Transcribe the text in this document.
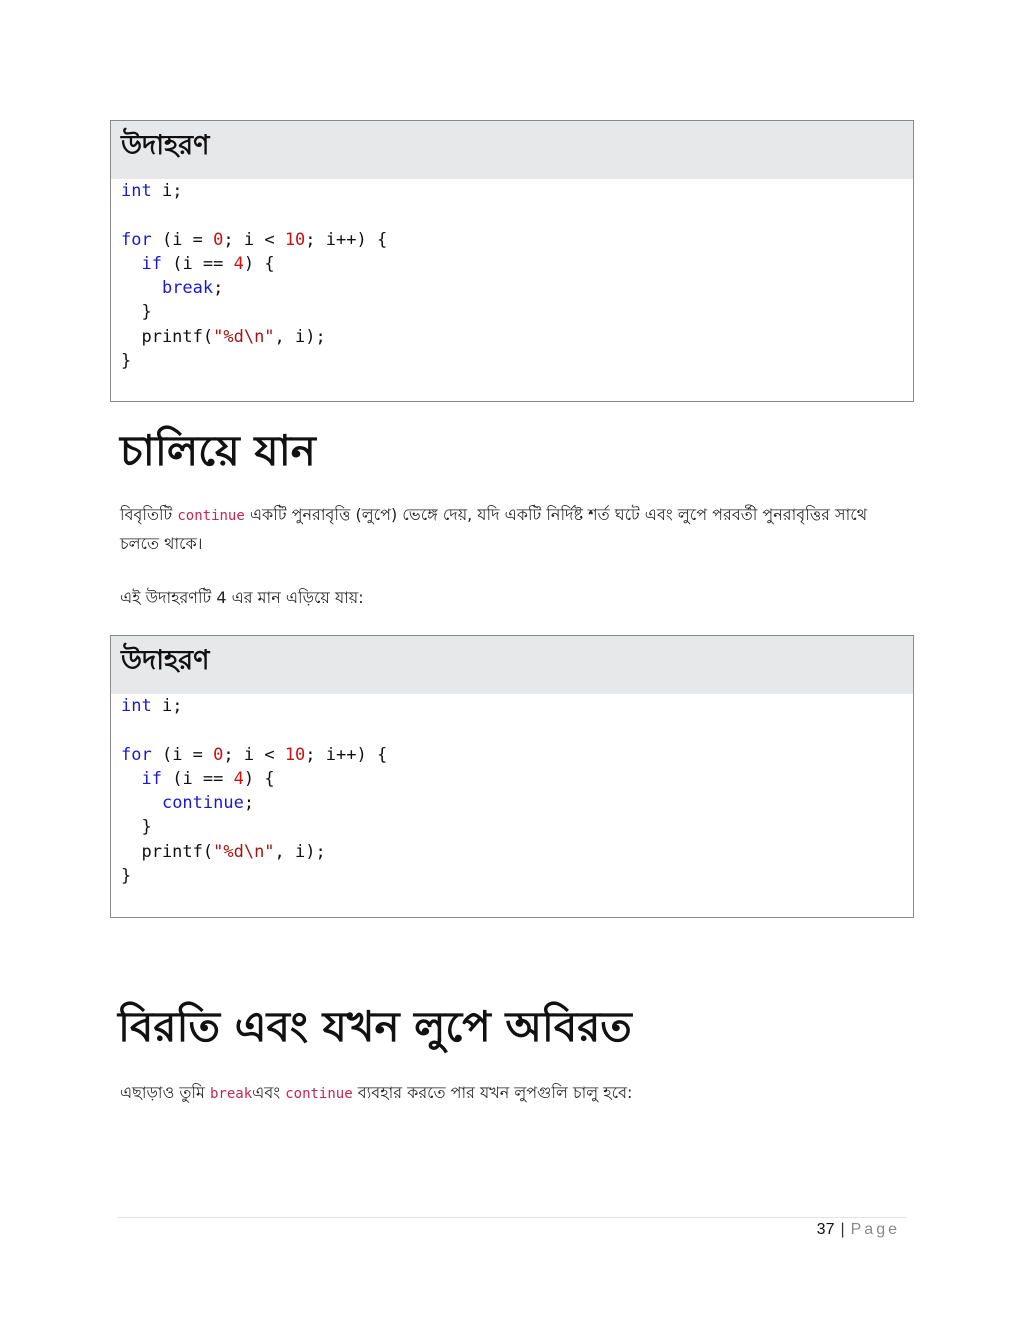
উদাহরণ
int i;

for (i = 0; i < 10; i++) {
if (i == 4) {
break;
}
printf("%d\n", i);
}
চালিয়ে যান

বিবৃতিটি continue একটি পুনরাবৃত্তি (লুপে) ভেঙ্গে দেয়, যদি একটি নির্দিষ্ট শর্ত ঘটে এবং লুপে পরবর্তী পুনরাবৃত্তির সাথে চলতে থাকে।

এই উদাহরণটি 4 এর মান এড়িয়ে যায়:

উদাহরণ
int i;

for (i = 0; i < 10; i++) {
if (i == 4) {
continue;
}
printf("%d\n", i);
}
বিরতি এবং যখন লুপে অবিরত

এছাড়াও তুমি breakএবং continue ব্যবহার করতে পার যখন লুপগুলি চালু হবে:

37 | Page
